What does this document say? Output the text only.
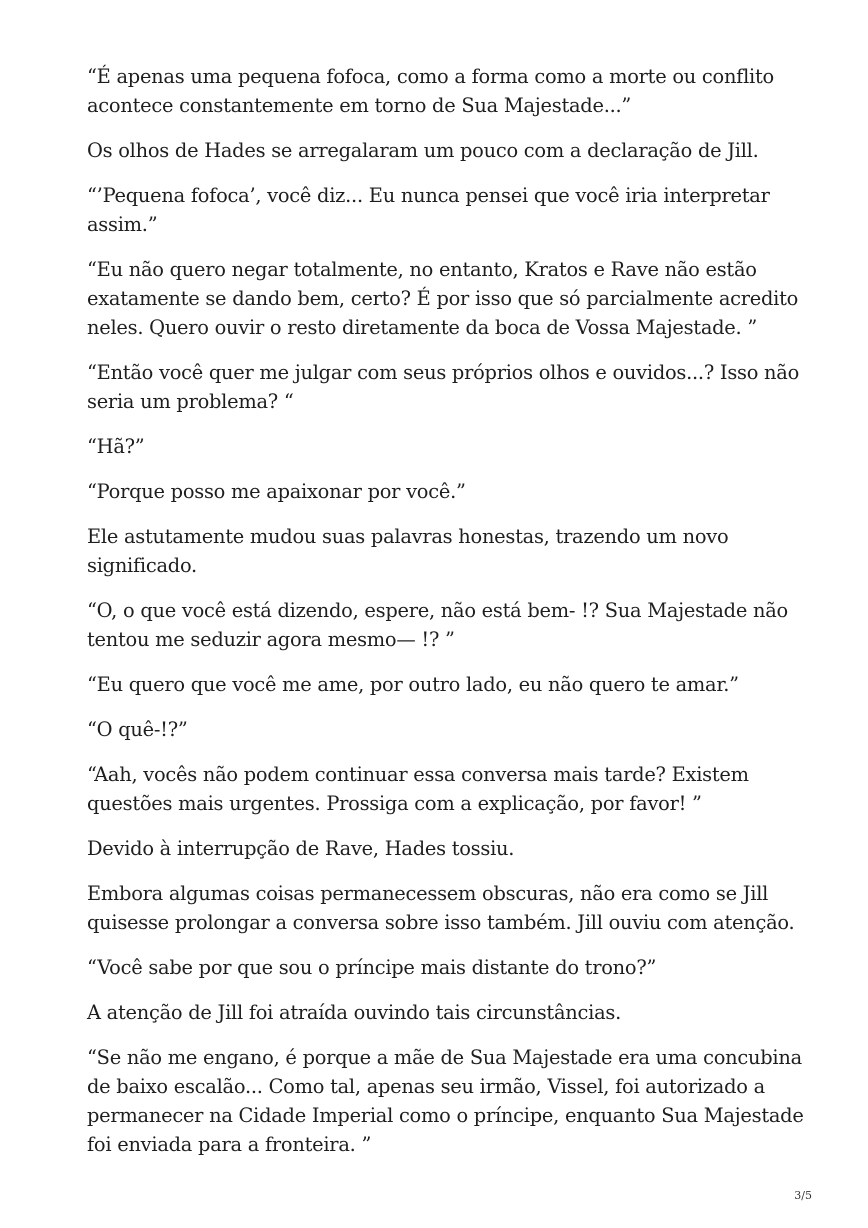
“É apenas uma pequena fofoca, como a forma como a morte ou conflito
acontece constantemente em torno de Sua Majestade...”

Os olhos de Hades se arregalaram um pouco com a declaração de Jill.

“’Pequena fofoca’, você diz... Eu nunca pensei que você iria interpretar
assim.”

“Eu não quero negar totalmente, no entanto, Kratos e Rave não estão
exatamente se dando bem, certo? É por isso que só parcialmente acredito
neles. Quero ouvir o resto diretamente da boca de Vossa Majestade. ”

“Então você quer me julgar com seus próprios olhos e ouvidos...? Isso não
seria um problema? “

“Hã?”

“Porque posso me apaixonar por você.”

Ele astutamente mudou suas palavras honestas, trazendo um novo
significado.

“O, o que você está dizendo, espere, não está bem- !? Sua Majestade não
tentou me seduzir agora mesmo— !? ”

“Eu quero que você me ame, por outro lado, eu não quero te amar.”

“O quê-!?”

“Aah, vocês não podem continuar essa conversa mais tarde? Existem
questões mais urgentes. Prossiga com a explicação, por favor! ”

Devido à interrupção de Rave, Hades tossiu.

Embora algumas coisas permanecessem obscuras, não era como se Jill
quisesse prolongar a conversa sobre isso também. Jill ouviu com atenção.

“Você sabe por que sou o príncipe mais distante do trono?”

A atenção de Jill foi atraída ouvindo tais circunstâncias.

“Se não me engano, é porque a mãe de Sua Majestade era uma concubina
de baixo escalão... Como tal, apenas seu irmão, Vissel, foi autorizado a
permanecer na Cidade Imperial como o príncipe, enquanto Sua Majestade
foi enviada para a fronteira. ”

3/5
